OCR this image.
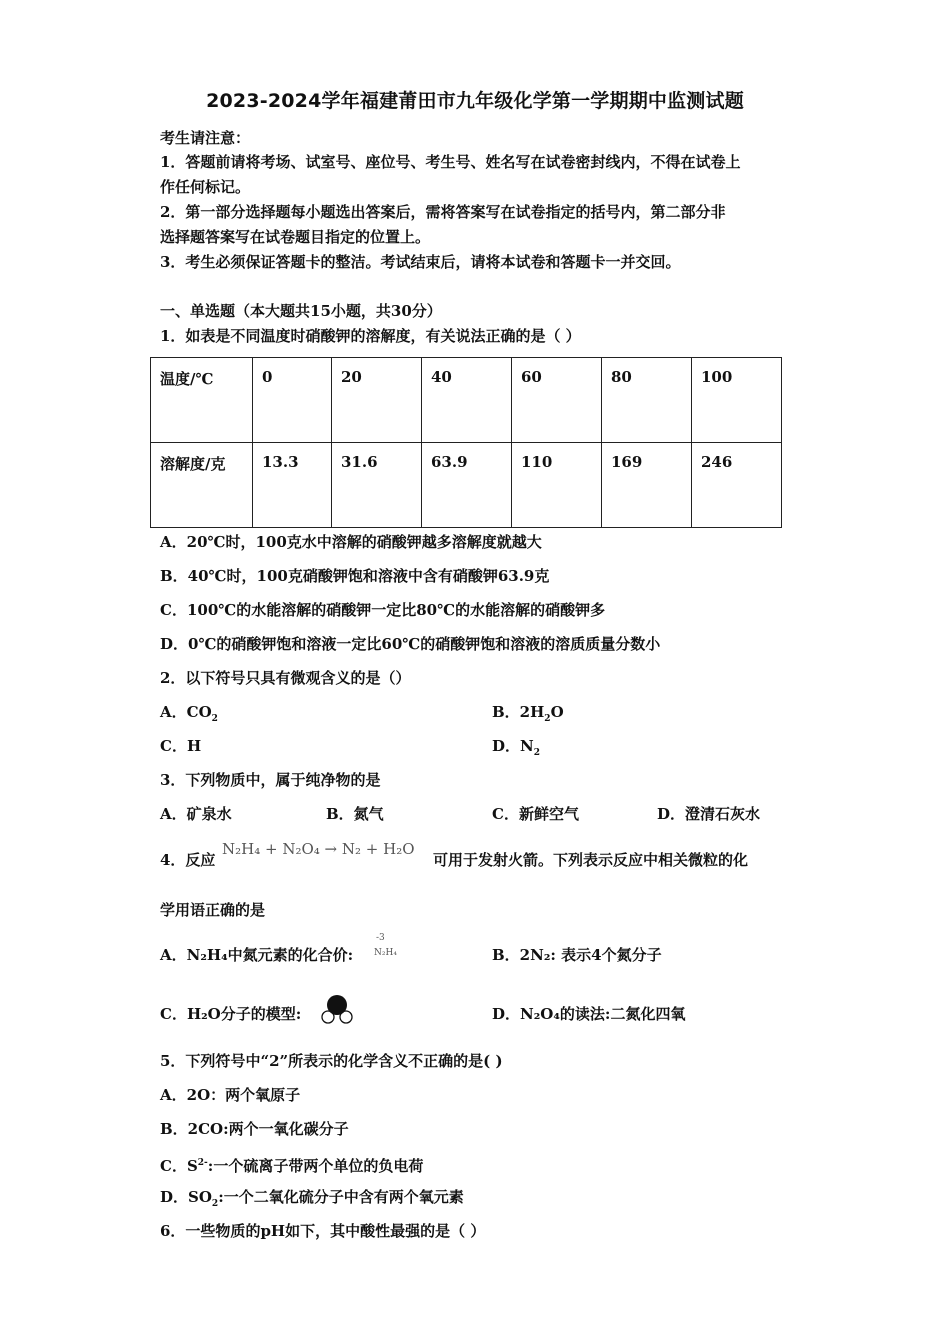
2023-2024学年福建莆田市九年级化学第一学期期中监测试题
考生请注意：
1．答题前请将考场、试室号、座位号、考生号、姓名写在试卷密封线内，不得在试卷上
作任何标记。
2．第一部分选择题每小题选出答案后，需将答案写在试卷指定的括号内，第二部分非
选择题答案写在试卷题目指定的位置上。
3．考生必须保证答题卡的整洁。考试结束后，请将本试卷和答题卡一并交回。
一、单选题（本大题共15小题，共30分）
1．如表是不同温度时硝酸钾的溶解度，有关说法正确的是（ ）
温度/℃	0	20	40	60	80	100
溶解度/克	13.3	31.6	63.9	110	169	246
A．20℃时，100克水中溶解的硝酸钾越多溶解度就越大
B．40℃时，100克硝酸钾饱和溶液中含有硝酸钾63.9克
C．100℃的水能溶解的硝酸钾一定比80℃的水能溶解的硝酸钾多
D．0℃的硝酸钾饱和溶液一定比60℃的硝酸钾饱和溶液的溶质质量分数小
2．以下符号只具有微观含义的是（）
A．$CO_2$	B．$2H_2O$
C．H	D．$N_2$
3．下列物质中，属于纯净物的是
A．矿泉水	B．氮气	C．新鲜空气	D．澄清石灰水
4．反应
N₂H₄ + N₂O₄ → N₂ + H₂O
可用于发射火箭。下列表示反应中相关微粒的化
学用语正确的是
A．N₂H₄中氮元素的化合价:
-3
N₂H₄	B．2N₂: 表示4个氮分子
C．H₂O分子的模型:	D．N₂O₄的读法:二氮化四氧
5．下列符号中“2”所表示的化学含义不正确的是( )
A．2O：两个氧原子
B．2CO:两个一氧化碳分子
C．$S^{2-}$:一个硫离子带两个单位的负电荷
D．$SO_2$:一个二氧化硫分子中含有两个氧元素
6．一些物质的pH如下，其中酸性最强的是（ ）
